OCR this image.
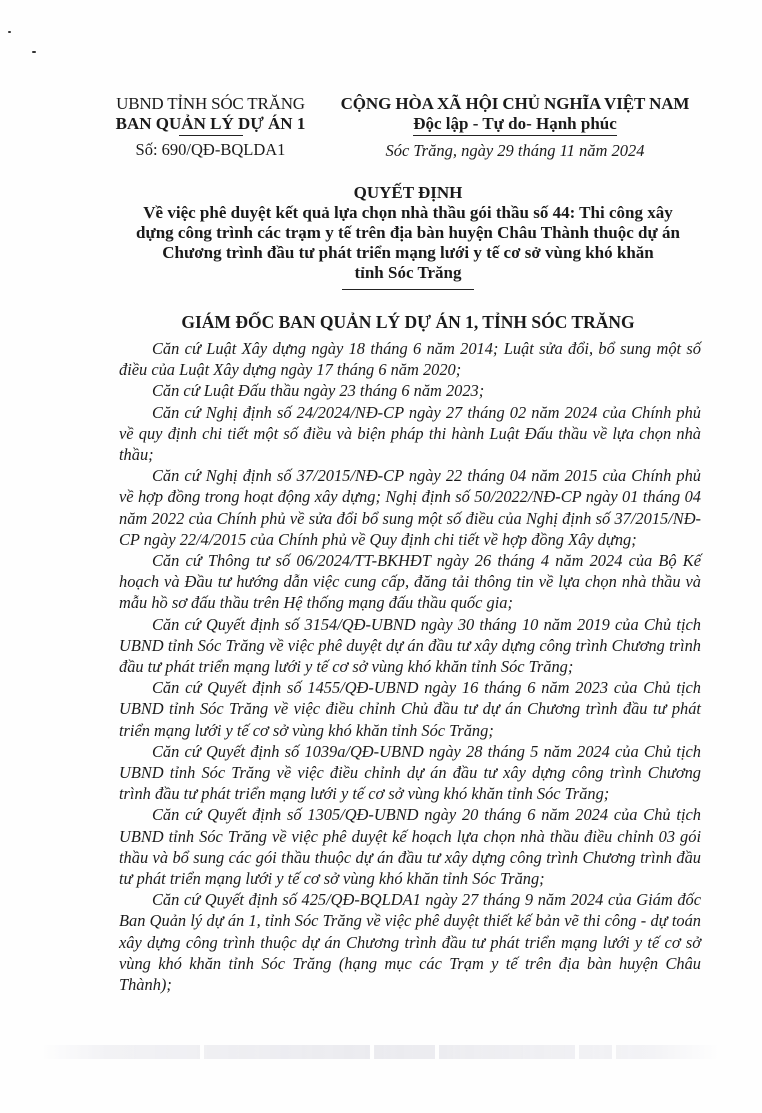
UBND TỈNH SÓC TRĂNG
BAN QUẢN LÝ DỰ ÁN 1
Số: 690/QĐ-BQLDA1
CỘNG HÒA XÃ HỘI CHỦ NGHĨA VIỆT NAM
Độc lập - Tự do- Hạnh phúc
Sóc Trăng, ngày 29 tháng 11 năm 2024
QUYẾT ĐỊNH
Về việc phê duyệt kết quả lựa chọn nhà thầu gói thầu số 44: Thi công xây
dựng công trình các trạm y tế trên địa bàn huyện Châu Thành thuộc dự án
Chương trình đầu tư phát triển mạng lưới y tế cơ sở vùng khó khăn
tỉnh Sóc Trăng
GIÁM ĐỐC BAN QUẢN LÝ DỰ ÁN 1, TỈNH SÓC TRĂNG

Căn cứ Luật Xây dựng ngày 18 tháng 6 năm 2014; Luật sửa đổi, bổ sung một số điều của Luật Xây dựng ngày 17 tháng 6 năm 2020;

Căn cứ Luật Đấu thầu ngày 23 tháng 6 năm 2023;

Căn cứ Nghị định số 24/2024/NĐ-CP ngày 27 tháng 02 năm 2024 của Chính phủ về quy định chi tiết một số điều và biện pháp thi hành Luật Đấu thầu về lựa chọn nhà thầu;

Căn cứ Nghị định số 37/2015/NĐ-CP ngày 22 tháng 04 năm 2015 của Chính phủ về hợp đồng trong hoạt động xây dựng; Nghị định số 50/2022/NĐ-CP ngày 01 tháng 04 năm 2022 của Chính phủ về sửa đổi bổ sung một số điều của Nghị định số 37/2015/NĐ-CP ngày 22/4/2015 của Chính phủ về Quy định chi tiết về hợp đồng Xây dựng;

Căn cứ Thông tư số 06/2024/TT-BKHĐT ngày 26 tháng 4 năm 2024 của Bộ Kế hoạch và Đầu tư hướng dẫn việc cung cấp, đăng tải thông tin về lựa chọn nhà thầu và mẫu hồ sơ đấu thầu trên Hệ thống mạng đấu thầu quốc gia;

Căn cứ Quyết định số 3154/QĐ-UBND ngày 30 tháng 10 năm 2019 của Chủ tịch UBND tỉnh Sóc Trăng về việc phê duyệt dự án đầu tư xây dựng công trình Chương trình đầu tư phát triển mạng lưới y tế cơ sở vùng khó khăn tỉnh Sóc Trăng;

Căn cứ Quyết định số 1455/QĐ-UBND ngày 16 tháng 6 năm 2023 của Chủ tịch UBND tỉnh Sóc Trăng về việc điều chỉnh Chủ đầu tư dự án Chương trình đầu tư phát triển mạng lưới y tế cơ sở vùng khó khăn tỉnh Sóc Trăng;

Căn cứ Quyết định số 1039a/QĐ-UBND ngày 28 tháng 5 năm 2024 của Chủ tịch UBND tỉnh Sóc Trăng về việc điều chỉnh dự án đầu tư xây dựng công trình Chương trình đầu tư phát triển mạng lưới y tế cơ sở vùng khó khăn tỉnh Sóc Trăng;

Căn cứ Quyết định số 1305/QĐ-UBND ngày 20 tháng 6 năm 2024 của Chủ tịch UBND tỉnh Sóc Trăng về việc phê duyệt kế hoạch lựa chọn nhà thầu điều chỉnh 03 gói thầu và bổ sung các gói thầu thuộc dự án đầu tư xây dựng công trình Chương trình đầu tư phát triển mạng lưới y tế cơ sở vùng khó khăn tỉnh Sóc Trăng;

Căn cứ Quyết định số 425/QĐ-BQLDA1 ngày 27 tháng 9 năm 2024 của Giám đốc Ban Quản lý dự án 1, tỉnh Sóc Trăng về việc phê duyệt thiết kế bản vẽ thi công - dự toán xây dựng công trình thuộc dự án Chương trình đầu tư phát triển mạng lưới y tế cơ sở vùng khó khăn tỉnh Sóc Trăng (hạng mục các Trạm y tế trên địa bàn huyện Châu Thành);
